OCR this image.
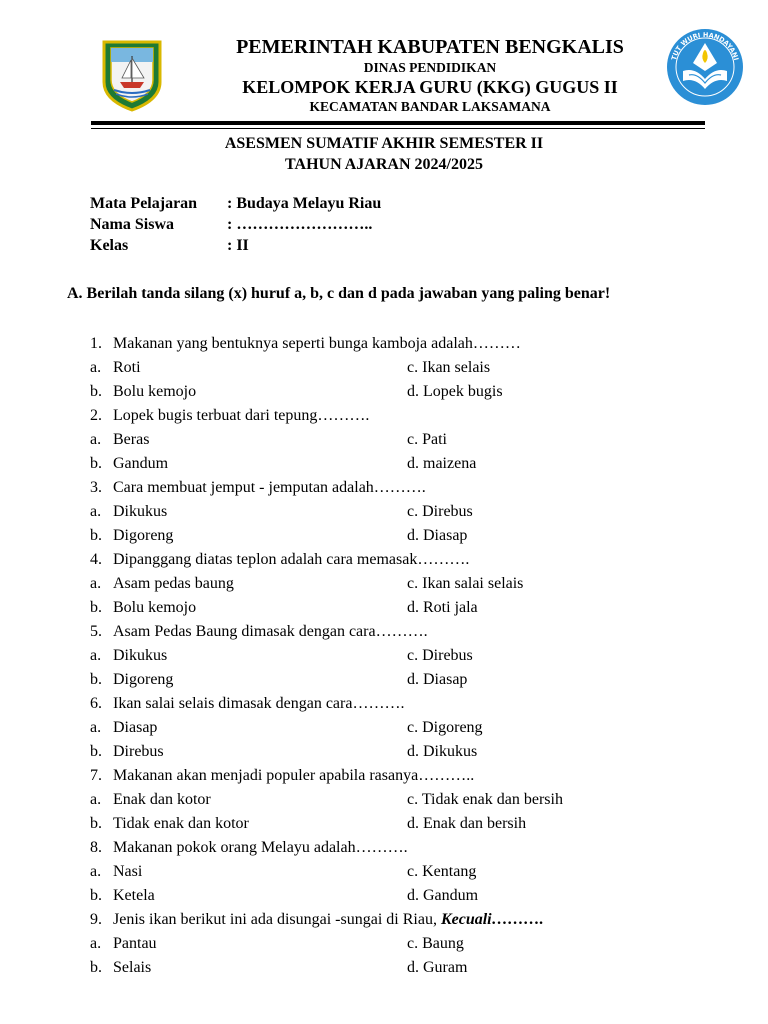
TUT WURI HANDAYANI
PEMERINTAH KABUPATEN BENGKALIS
DINAS PENDIDIKAN
KELOMPOK KERJA GURU (KKG) GUGUS II
KECAMATAN BANDAR LAKSAMANA
ASESMEN SUMATIF AKHIR SEMESTER II
TAHUN AJARAN 2024/2025
Mata Pelajaran : Budaya Melayu Riau
Nama Siswa	: ……………………..
Kelas	: II
A. Berilah tanda silang (x) huruf a, b, c dan d pada jawaban yang paling benar!
1. Makanan yang bentuknya seperti bunga kamboja adalah………
a. Roti	c. Ikan selais
b. Bolu kemojo	d. Lopek bugis
2. Lopek bugis terbuat dari tepung……….
a. Beras	c. Pati
b. Gandum	d. maizena
3. Cara membuat jemput - jemputan adalah……….
a. Dikukus	c. Direbus
b. Digoreng	d. Diasap
4. Dipanggang diatas teplon adalah cara memasak……….
a. Asam pedas baung	c. Ikan salai selais
b. Bolu kemojo	d. Roti jala
5. Asam Pedas Baung dimasak dengan cara……….
a. Dikukus	c. Direbus
b. Digoreng	d. Diasap
6. Ikan salai selais dimasak dengan cara……….
a. Diasap	c. Digoreng
b. Direbus	d. Dikukus
7. Makanan akan menjadi populer apabila rasanya………..
a. Enak dan kotor	c. Tidak enak dan bersih
b. Tidak enak dan kotor	d. Enak dan bersih
8. Makanan pokok orang Melayu adalah……….
a. Nasi	c. Kentang
b. Ketela	d. Gandum
9. Jenis ikan berikut ini ada disungai -sungai di Riau, Kecuali……….
a. Pantau	c. Baung
b. Selais	d. Guram
